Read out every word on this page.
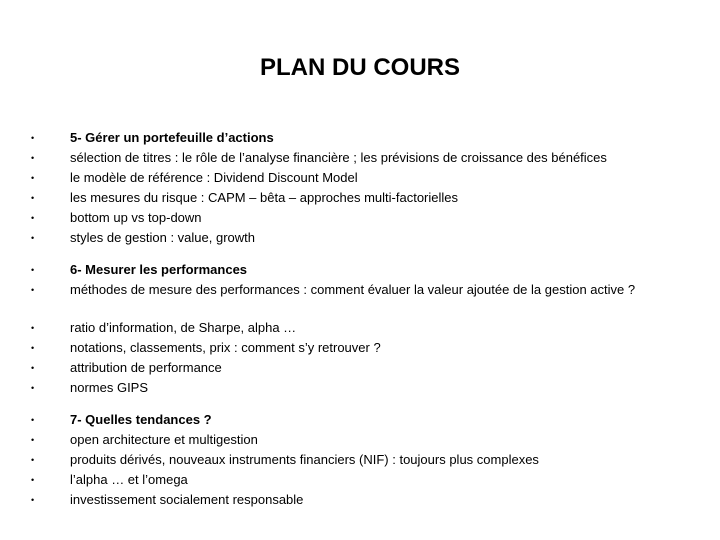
PLAN DU COURS
•	5- Gérer un portefeuille d’actions
•	sélection de titres : le rôle de l’analyse financière ; les prévisions de croissance des bénéfices
•	le modèle de référence : Dividend Discount Model
•	les mesures du risque : CAPM – bêta – approches multi-factorielles
•	bottom up vs top-down
•	styles de gestion : value, growth
•	6- Mesurer les performances
•	méthodes de mesure des performances : comment évaluer la valeur ajoutée de la gestion active ?
•	ratio d’information, de Sharpe, alpha …
•	notations, classements, prix : comment s’y retrouver ?
•	attribution de performance
•	normes GIPS
•	7- Quelles tendances ?
•	open architecture et multigestion
•	produits dérivés, nouveaux instruments financiers (NIF) : toujours plus complexes
•	l’alpha … et l’omega
•	investissement socialement responsable
